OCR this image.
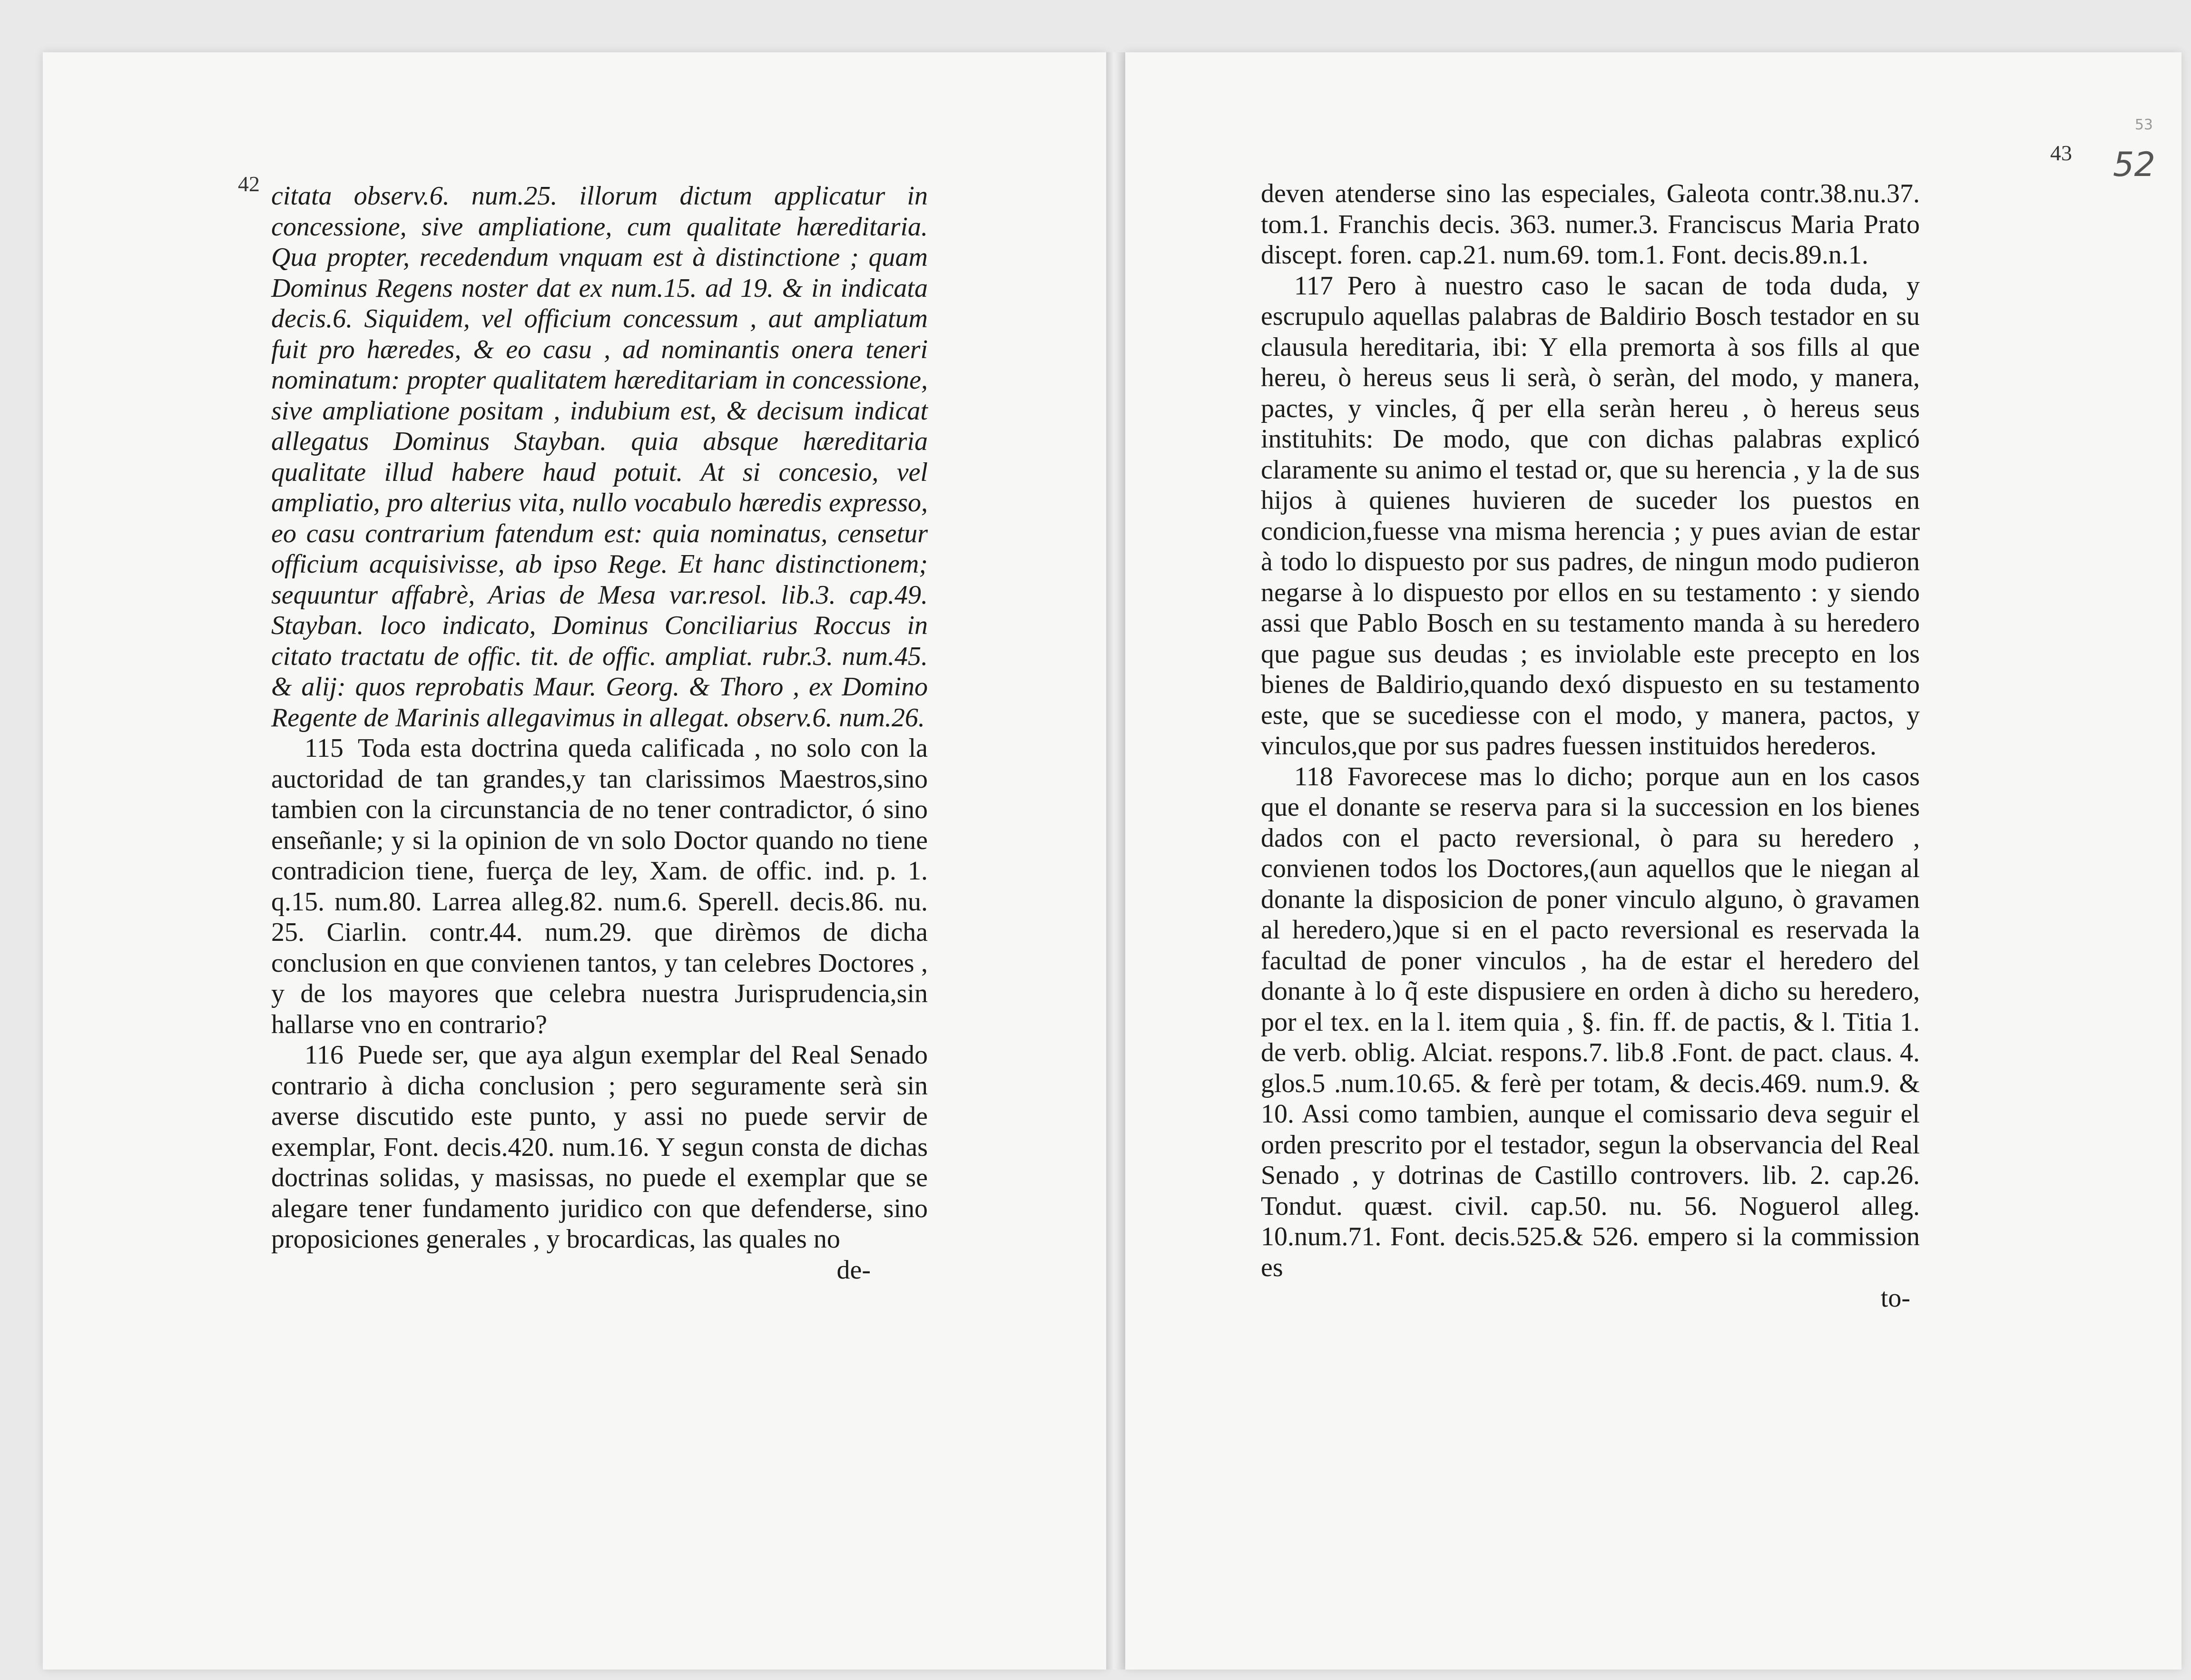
53
52
42 citata observ.6. num.25. illorum dictum applicatur in concessione, sive ampliatione, cum qualitate hæreditaria. Qua propter, recedendum vnquam est à distinctione ; quam Dominus Regens noster dat ex num.15. ad 19. & in indicata decis.6. Siquidem, vel officium concessum , aut ampliatum fuit pro hæredes, & eo casu , ad nominantis onera teneri nominatum: propter qualitatem hæreditariam in concessione, sive ampliatione positam , indubium est, & decisum indicat allegatus Dominus Stayban. quia absque hæreditaria qualitate illud habere haud potuit. At si concesio, vel ampliatio, pro alterius vita, nullo vocabulo hæredis expresso, eo casu contrarium fatendum est: quia nominatus, censetur officium acquisivisse, ab ipso Rege. Et hanc distinctionem; sequuntur affabrè, Arias de Mesa var.resol. lib.3. cap.49. Stayban. loco indicato, Dominus Conciliarius Roccus in citato tractatu de offic. tit. de offic. ampliat. rubr.3. num.45. & alij: quos reprobatis Maur. Georg. & Thoro , ex Domino Regente de Marinis allegavimus in allegat. observ.6. num.26.

115 Toda esta doctrina queda calificada , no solo con la auctoridad de tan grandes,y tan clarissimos Maestros,sino tambien con la circunstancia de no tener contradictor, ó sino enseñanle; y si la opinion de vn solo Doctor quando no tiene contradicion tiene, fuerça de ley, Xam. de offic. ind. p. 1. q.15. num.80. Larrea alleg.82. num.6. Sperell. decis.86. nu. 25. Ciarlin. contr.44. num.29. que dirèmos de dicha conclusion en que convienen tantos, y tan celebres Doctores , y de los mayores que celebra nuestra Jurisprudencia,sin hallarse vno en contrario?

116 Puede ser, que aya algun exemplar del Real Senado contrario à dicha conclusion ; pero seguramente serà sin averse discutido este punto, y assi no puede servir de exemplar, Font. decis.420. num.16. Y segun consta de dichas doctrinas solidas, y masissas, no puede el exemplar que se alegare tener fundamento juridico con que defenderse, sino proposiciones generales , y brocardicas, las quales no

de-

43

deven atenderse sino las especiales, Galeota contr.38.nu.37. tom.1. Franchis decis. 363. numer.3. Franciscus Maria Prato discept. foren. cap.21. num.69. tom.1. Font. decis.89.n.1.

117 Pero à nuestro caso le sacan de toda duda, y escrupulo aquellas palabras de Baldirio Bosch testador en su clausula hereditaria, ibi: Y ella premorta à sos fills al que hereu, ò hereus seus li serà, ò seràn, del modo, y manera, pactes, y vincles, q̃ per ella seràn hereu , ò hereus seus instituhits: De modo, que con dichas palabras explicó claramente su animo el testad or, que su herencia , y la de sus hijos à quienes huvieren de suceder los puestos en condicion,fuesse vna misma herencia ; y pues avian de estar à todo lo dispuesto por sus padres, de ningun modo pudieron negarse à lo dispuesto por ellos en su testamento : y siendo assi que Pablo Bosch en su testamento manda à su heredero que pague sus deudas ; es inviolable este precepto en los bienes de Baldirio,quando dexó dispuesto en su testamento este, que se sucediesse con el modo, y manera, pactos, y vinculos,que por sus padres fuessen instituidos herederos.

118 Favorecese mas lo dicho; porque aun en los casos que el donante se reserva para si la succession en los bienes dados con el pacto reversional, ò para su heredero , convienen todos los Doctores,(aun aquellos que le niegan al donante la disposicion de poner vinculo alguno, ò gravamen al heredero,)que si en el pacto reversional es reservada la facultad de poner vinculos , ha de estar el heredero del donante à lo q̃ este dispusiere en orden à dicho su heredero, por el tex. en la l. item quia , §. fin. ff. de pactis, & l. Titia 1. de verb. oblig. Alciat. respons.7. lib.8 .Font. de pact. claus. 4. glos.5 .num.10.65. & ferè per totam, & decis.469. num.9. & 10. Assi como tambien, aunque el comissario deva seguir el orden prescrito por el testador, segun la observancia del Real Senado , y dotrinas de Castillo controvers. lib. 2. cap.26. Tondut. quæst. civil. cap.50. nu. 56. Noguerol alleg. 10.num.71. Font. decis.525.& 526. empero si la commission es

to-
